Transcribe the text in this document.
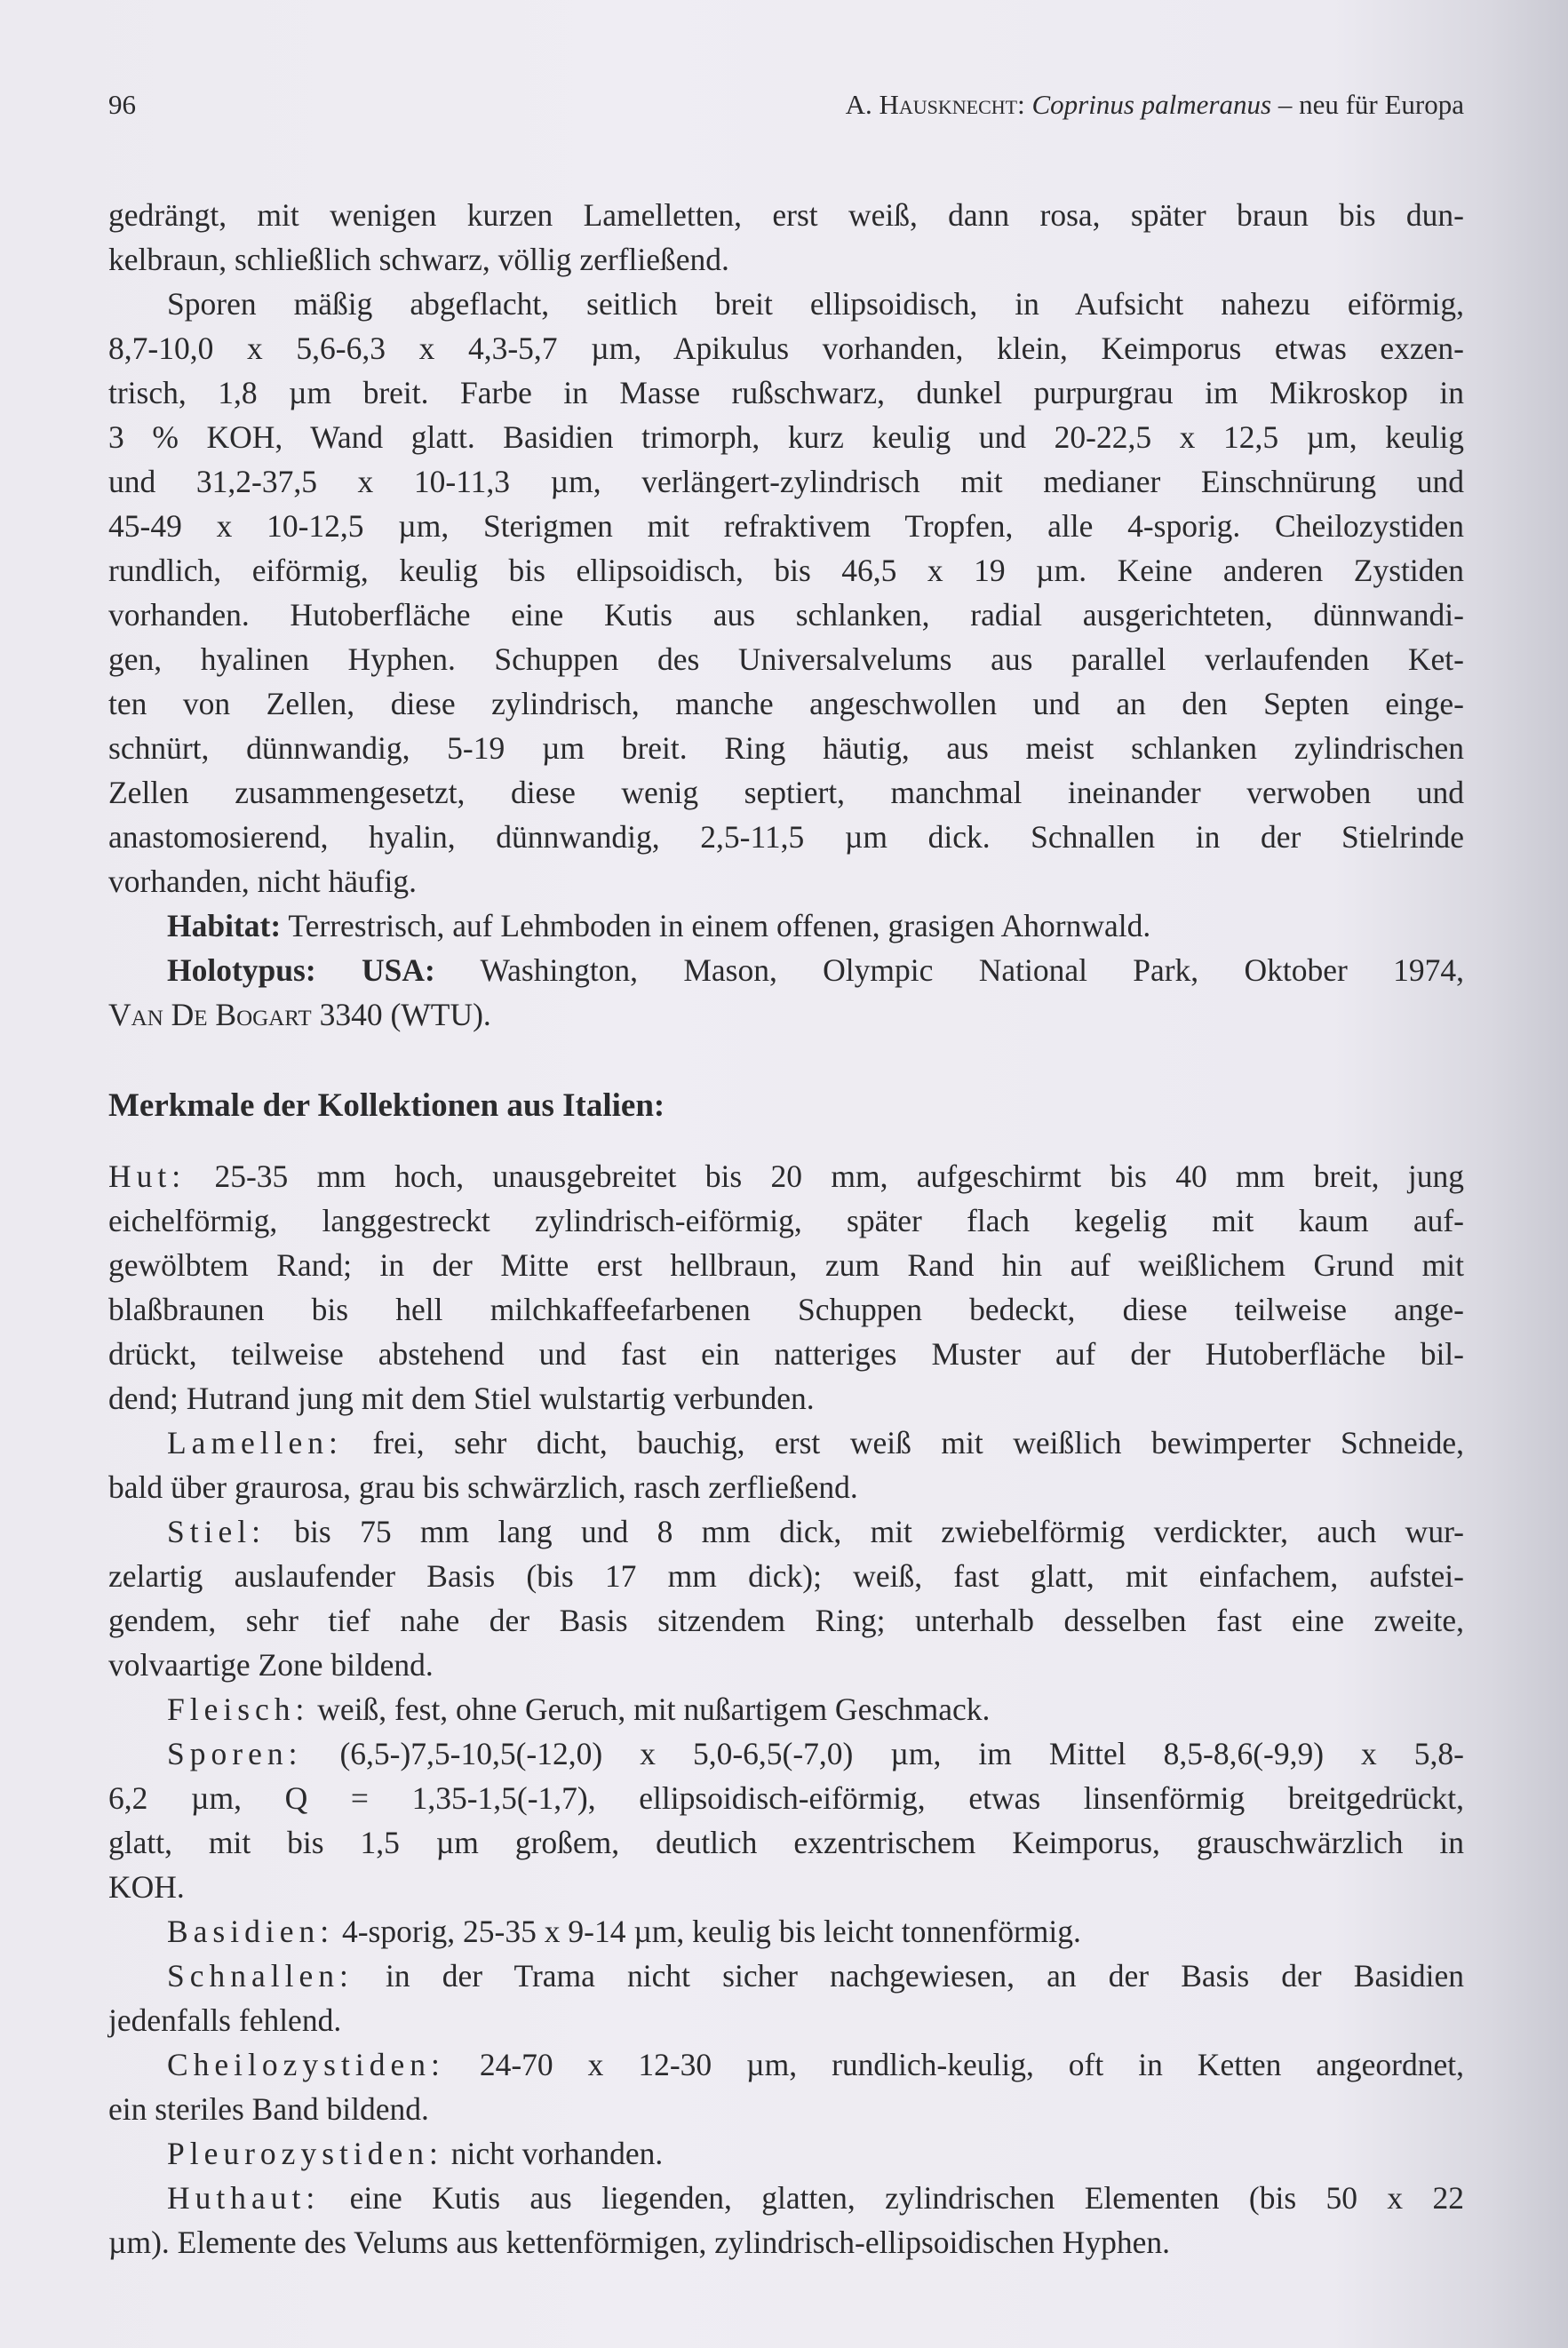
96	A. Hausknecht: Coprinus palmeranus – neu für Europa
gedrängt, mit wenigen kurzen Lamelletten, erst weiß, dann rosa, später braun bis dun-
kelbraun, schließlich schwarz, völlig zerfließend.
Sporen mäßig abgeflacht, seitlich breit ellipsoidisch, in Aufsicht nahezu eiförmig,
8,7-10,0 x 5,6-6,3 x 4,3-5,7 µm, Apikulus vorhanden, klein, Keimporus etwas exzen-
trisch, 1,8 µm breit. Farbe in Masse rußschwarz, dunkel purpurgrau im Mikroskop in
3 % KOH, Wand glatt. Basidien trimorph, kurz keulig und 20-22,5 x 12,5 µm, keulig
und 31,2-37,5 x 10-11,3 µm, verlängert-zylindrisch mit medianer Einschnürung und
45-49 x 10-12,5 µm, Sterigmen mit refraktivem Tropfen, alle 4-sporig. Cheilozystiden
rundlich, eiförmig, keulig bis ellipsoidisch, bis 46,5 x 19 µm. Keine anderen Zystiden
vorhanden. Hutoberfläche eine Kutis aus schlanken, radial ausgerichteten, dünnwandi-
gen, hyalinen Hyphen. Schuppen des Universalvelums aus parallel verlaufenden Ket-
ten von Zellen, diese zylindrisch, manche angeschwollen und an den Septen einge-
schnürt, dünnwandig, 5-19 µm breit. Ring häutig, aus meist schlanken zylindrischen
Zellen zusammengesetzt, diese wenig septiert, manchmal ineinander verwoben und
anastomosierend, hyalin, dünnwandig, 2,5-11,5 µm dick. Schnallen in der Stielrinde
vorhanden, nicht häufig.
Habitat: Terrestrisch, auf Lehmboden in einem offenen, grasigen Ahornwald.
Holotypus: USA: Washington, Mason, Olympic National Park, Oktober 1974,
Van De Bogart 3340 (WTU).
Hut: 25-35 mm hoch, unausgebreitet bis 20 mm, aufgeschirmt bis 40 mm breit, jung
eichelförmig, langgestreckt zylindrisch-eiförmig, später flach kegelig mit kaum auf-
gewölbtem Rand; in der Mitte erst hellbraun, zum Rand hin auf weißlichem Grund mit
blaßbraunen bis hell milchkaffeefarbenen Schuppen bedeckt, diese teilweise ange-
drückt, teilweise abstehend und fast ein natteriges Muster auf der Hutoberfläche bil-
dend; Hutrand jung mit dem Stiel wulstartig verbunden.
Lamellen: frei, sehr dicht, bauchig, erst weiß mit weißlich bewimperter Schneide,
bald über graurosa, grau bis schwärzlich, rasch zerfließend.
Stiel: bis 75 mm lang und 8 mm dick, mit zwiebelförmig verdickter, auch wur-
zelartig auslaufender Basis (bis 17 mm dick); weiß, fast glatt, mit einfachem, aufstei-
gendem, sehr tief nahe der Basis sitzendem Ring; unterhalb desselben fast eine zweite,
volvaartige Zone bildend.
Fleisch: weiß, fest, ohne Geruch, mit nußartigem Geschmack.
Sporen: (6,5-)7,5-10,5(-12,0) x 5,0-6,5(-7,0) µm, im Mittel 8,5-8,6(-9,9) x 5,8-
6,2 µm, Q = 1,35-1,5(-1,7), ellipsoidisch-eiförmig, etwas linsenförmig breitgedrückt,
glatt, mit bis 1,5 µm großem, deutlich exzentrischem Keimporus, grauschwärzlich in
KOH.
Basidien: 4-sporig, 25-35 x 9-14 µm, keulig bis leicht tonnenförmig.
Schnallen: in der Trama nicht sicher nachgewiesen, an der Basis der Basidien
jedenfalls fehlend.
Cheilozystiden: 24-70 x 12-30 µm, rundlich-keulig, oft in Ketten angeordnet,
ein steriles Band bildend.
Pleurozystiden: nicht vorhanden.
Huthaut: eine Kutis aus liegenden, glatten, zylindrischen Elementen (bis 50 x 22
µm). Elemente des Velums aus kettenförmigen, zylindrisch-ellipsoidischen Hyphen.
Merkmale der Kollektionen aus Italien:
